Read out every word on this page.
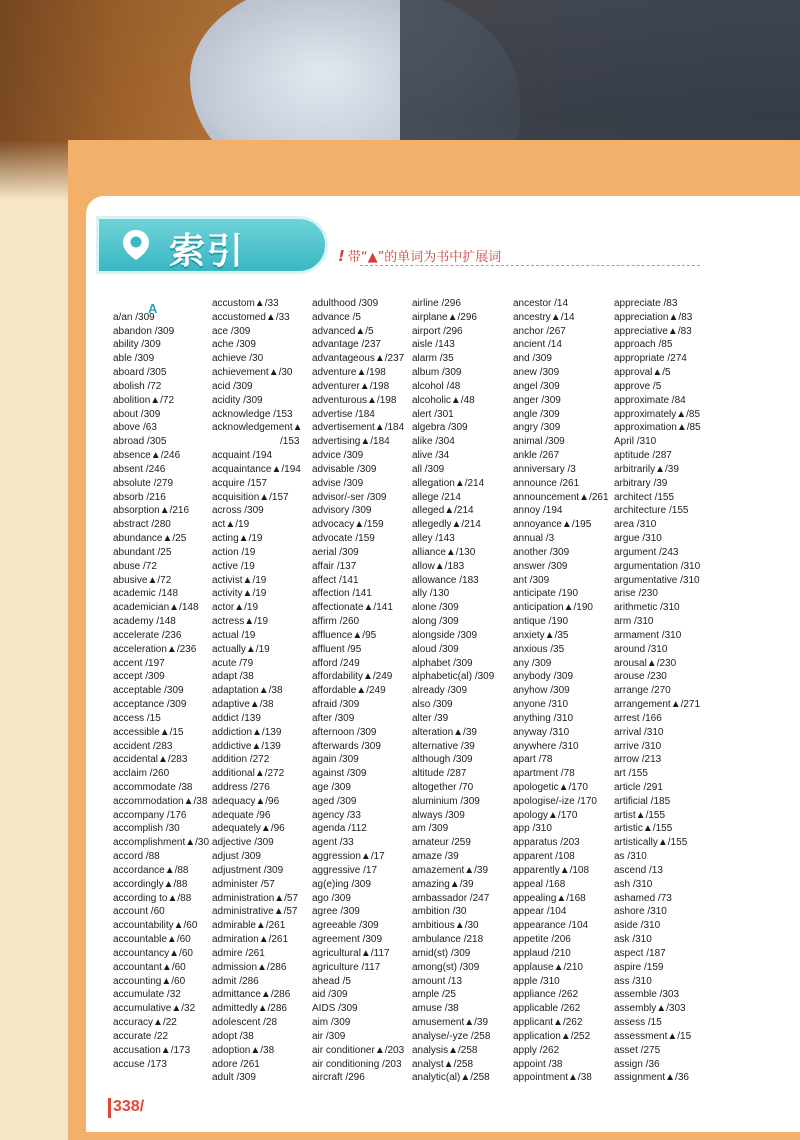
索引	! 带“▲”的单词为书中扩展词
A

a/an /309
abandon /309
ability /309
able /309
aboard /305
abolish /72
abolition▲/72
about /309
above /63
abroad /305
absence▲/246
absent /246
absolute /279
absorb /216
absorption▲/216
abstract /280
abundance▲/25
abundant /25
abuse /72
abusive▲/72
academic /148
academician▲/148
academy /148
accelerate /236
acceleration▲/236
accent /197
accept /309
acceptable /309
acceptance /309
access /15
accessible▲/15
accident /283
accidental▲/283
acclaim /260
accommodate /38
accommodation▲/38
accompany /176
accomplish /30
accomplishment▲/30
accord /88
accordance▲/88
accordingly▲/88
according to▲/88
account /60
accountability▲/60
accountable▲/60
accountancy▲/60
accountant▲/60
accounting▲/60
accumulate /32
accumulative▲/32
accuracy▲/22
accurate /22
accusation▲/173
accuse /173
accustom▲/33
accustomed▲/33
ace /309
ache /309
achieve /30
achievement▲/30
acid /309
acidity /309
acknowledge /153
acknowledgement▲
/153
acquaint /194
acquaintance▲/194
acquire /157
acquisition▲/157
across /309
act▲/19
acting▲/19
action /19
active /19
activist▲/19
activity▲/19
actor▲/19
actress▲/19
actual /19
actually▲/19
acute /79
adapt /38
adaptation▲/38
adaptive▲/38
addict /139
addiction▲/139
addictive▲/139
addition /272
additional▲/272
address /276
adequacy▲/96
adequate /96
adequately▲/96
adjective /309
adjust /309
adjustment /309
administer /57
administration▲/57
administrative▲/57
admirable▲/261
admiration▲/261
admire /261
admission▲/286
admit /286
admittance▲/286
admittedly▲/286
adolescent /28
adopt /38
adoption▲/38
adore /261
adult /309
adulthood /309
advance /5
advanced▲/5
advantage /237
advantageous▲/237
adventure▲/198
adventurer▲/198
adventurous▲/198
advertise /184
advertisement▲/184
advertising▲/184
advice /309
advisable /309
advise /309
advisor/-ser /309
advisory /309
advocacy▲/159
advocate /159
aerial /309
affair /137
affect /141
affection /141
affectionate▲/141
affirm /260
affluence▲/95
affluent /95
afford /249
affordability▲/249
affordable▲/249
afraid /309
after /309
afternoon /309
afterwards /309
again /309
against /309
age /309
aged /309
agency /33
agenda /112
agent /33
aggression▲/17
aggressive /17
ag(e)ing /309
ago /309
agree /309
agreeable /309
agreement /309
agricultural▲/117
agriculture /117
ahead /5
aid /309
AIDS /309
aim /309
air /309
air conditioner▲/203
air conditioning /203
aircraft /296
airline /296
airplane▲/296
airport /296
aisle /143
alarm /35
album /309
alcohol /48
alcoholic▲/48
alert /301
algebra /309
alike /304
alive /34
all /309
allegation▲/214
allege /214
alleged▲/214
allegedly▲/214
alley /143
alliance▲/130
allow▲/183
allowance /183
ally /130
alone /309
along /309
alongside /309
aloud /309
alphabet /309
alphabetic(al) /309
already /309
also /309
alter /39
alteration▲/39
alternative /39
although /309
altitude /287
altogether /70
aluminium /309
always /309
am /309
amateur /259
amaze /39
amazement▲/39
amazing▲/39
ambassador /247
ambition /30
ambitious▲/30
ambulance /218
amid(st) /309
among(st) /309
amount /13
ample /25
amuse /38
amusement▲/39
analyse/-yze /258
analysis▲/258
analyst▲/258
analytic(al)▲/258
ancestor /14
ancestry▲/14
anchor /267
ancient /14
and /309
anew /309
angel /309
anger /309
angle /309
angry /309
animal /309
ankle /267
anniversary /3
announce /261
announcement▲/261
annoy /194
annoyance▲/195
annual /3
another /309
answer /309
ant /309
anticipate /190
anticipation▲/190
antique /190
anxiety▲/35
anxious /35
any /309
anybody /309
anyhow /309
anyone /310
anything /310
anyway /310
anywhere /310
apart /78
apartment /78
apologetic▲/170
apologise/-ize /170
apology▲/170
app /310
apparatus /203
apparent /108
apparently▲/108
appeal /168
appealing▲/168
appear /104
appearance /104
appetite /206
applaud /210
applause▲/210
apple /310
appliance /262
applicable /262
applicant▲/262
application▲/252
apply /262
appoint /38
appointment▲/38
appreciate /83
appreciation▲/83
appreciative▲/83
approach /85
appropriate /274
approval▲/5
approve /5
approximate /84
approximately▲/85
approximation▲/85
April /310
aptitude /287
arbitrarily▲/39
arbitrary /39
architect /155
architecture /155
area /310
argue /310
argument /243
argumentation /310
argumentative /310
arise /230
arithmetic /310
arm /310
armament /310
around /310
arousal▲/230
arouse /230
arrange /270
arrangement▲/271
arrest /166
arrival /310
arrive /310
arrow /213
art /155
article /291
artificial /185
artist▲/155
artistic▲/155
artistically▲/155
as /310
ascend /13
ash /310
ashamed /73
ashore /310
aside /310
ask /310
aspect /187
aspire /159
ass /310
assemble /303
assembly▲/303
assess /15
assessment▲/15
asset /275
assign /36
assignment▲/36
338/
